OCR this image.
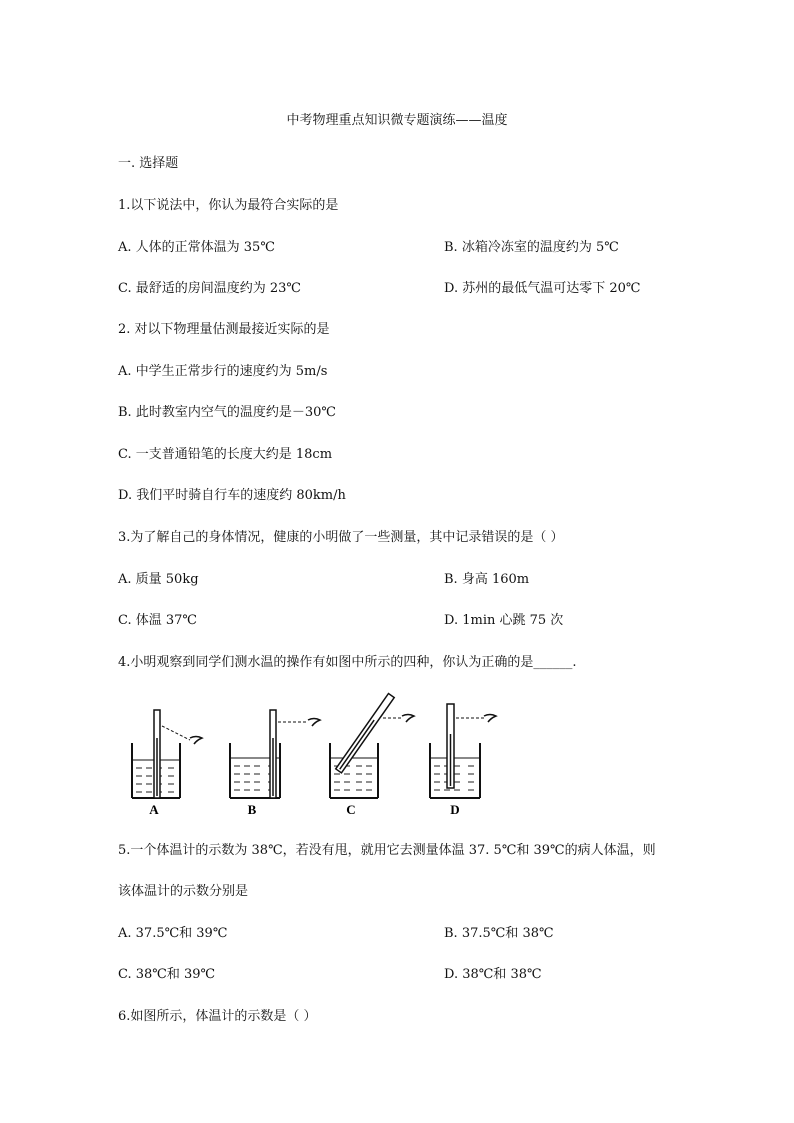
中考物理重点知识微专题演练——温度
一. 选择题
1.以下说法中，你认为最符合实际的是
A. 人体的正常体温为 35℃	B. 冰箱冷冻室的温度约为 5℃
C. 最舒适的房间温度约为 23℃	D. 苏州的最低气温可达零下 20℃
2. 对以下物理量估测最接近实际的是
A. 中学生正常步行的速度约为 5m/s
B. 此时教室内空气的温度约是－30℃
C. 一支普通铅笔的长度大约是 18cm
D. 我们平时骑自行车的速度约 80km/h
3.为了解自己的身体情况，健康的小明做了一些测量，其中记录错误的是（ ）
A. 质量 50kg	B. 身高 160m
C. 体温 37℃	D. 1min 心跳 75 次
4.小明观察到同学们测水温的操作有如图中所示的四种，你认为正确的是______.
A	B	C	D
5.一个体温计的示数为 38℃，若没有甩，就用它去测量体温 37. 5℃和 39℃的病人体温，则
该体温计的示数分别是
A. 37.5℃和 39℃	B. 37.5℃和 38℃
C. 38℃和 39℃	D. 38℃和 38℃
6.如图所示，体温计的示数是（ ）
